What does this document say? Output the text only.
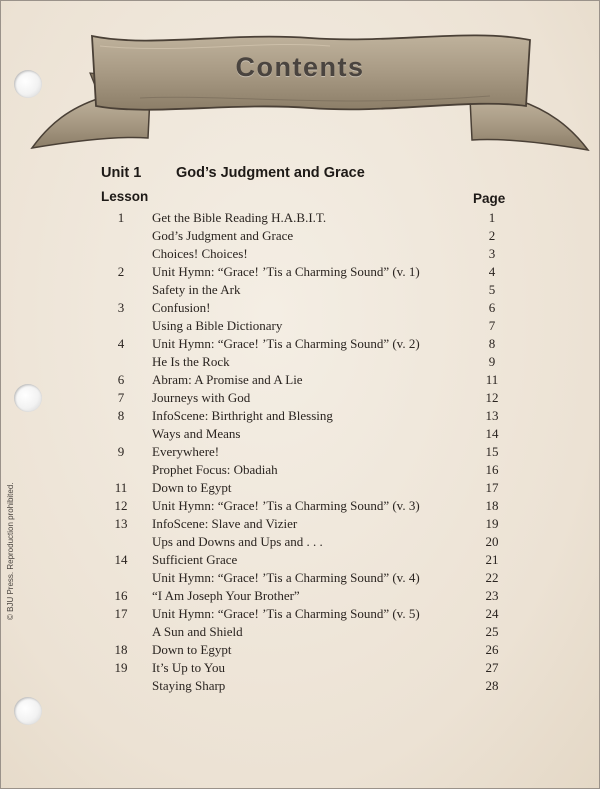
Contents
Unit 1 God’s Judgment and Grace
Lesson	Page
1	Get the Bible Reading H.A.B.I.T.	1
God’s Judgment and Grace	2
Choices! Choices!	3
2	Unit Hymn: “Grace! ’Tis a Charming Sound” (v. 1)	4
Safety in the Ark	5
3	Confusion!	6
Using a Bible Dictionary	7
4	Unit Hymn: “Grace! ’Tis a Charming Sound” (v. 2)	8
He Is the Rock	9
6	Abram: A Promise and A Lie	11
7	Journeys with God	12
8	InfoScene: Birthright and Blessing	13
Ways and Means	14
9	Everywhere!	15
Prophet Focus: Obadiah	16
11	Down to Egypt	17
12	Unit Hymn: “Grace! ’Tis a Charming Sound” (v. 3)	18
13	InfoScene: Slave and Vizier	19
Ups and Downs and Ups and . . .	20
14	Sufficient Grace	21
Unit Hymn: “Grace! ’Tis a Charming Sound” (v. 4)	22
16	“I Am Joseph Your Brother”	23
17	Unit Hymn: “Grace! ’Tis a Charming Sound” (v. 5)	24
A Sun and Shield	25
18	Down to Egypt	26
19	It’s Up to You	27
Staying Sharp	28
© BJU Press. Reproduction prohibited.
